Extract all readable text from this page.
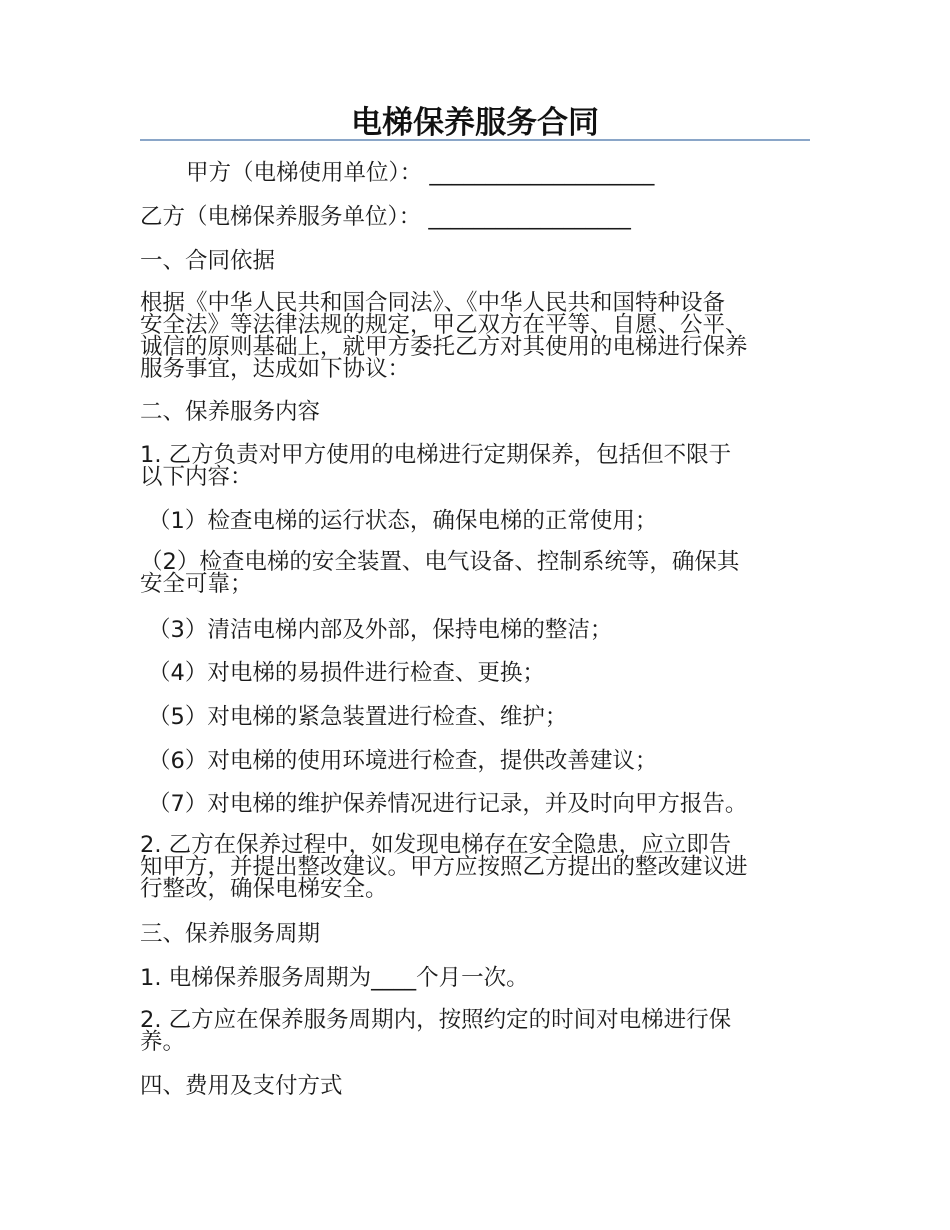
电梯保养服务合同

甲方（电梯使用单位）： ____________________

乙方（电梯保养服务单位）： __________________

一、合同依据

根据《中华人民共和国合同法》、《中华人民共和国特种设备
安全法》等法律法规的规定，甲乙双方在平等、自愿、公平、
诚信的原则基础上，就甲方委托乙方对其使用的电梯进行保养
服务事宜，达成如下协议：

二、保养服务内容

1. 乙方负责对甲方使用的电梯进行定期保养，包括但不限于
以下内容：

（1）检查电梯的运行状态，确保电梯的正常使用；

（2）检查电梯的安全装置、电气设备、控制系统等，确保其
安全可靠；

（3）清洁电梯内部及外部，保持电梯的整洁；

（4）对电梯的易损件进行检查、更换；

（5）对电梯的紧急装置进行检查、维护；

（6）对电梯的使用环境进行检查，提供改善建议；

（7）对电梯的维护保养情况进行记录，并及时向甲方报告。

2. 乙方在保养过程中，如发现电梯存在安全隐患，应立即告
知甲方，并提出整改建议。甲方应按照乙方提出的整改建议进
行整改，确保电梯安全。

三、保养服务周期

1. 电梯保养服务周期为____个月一次。

2. 乙方应在保养服务周期内，按照约定的时间对电梯进行保
养。

四、费用及支付方式
